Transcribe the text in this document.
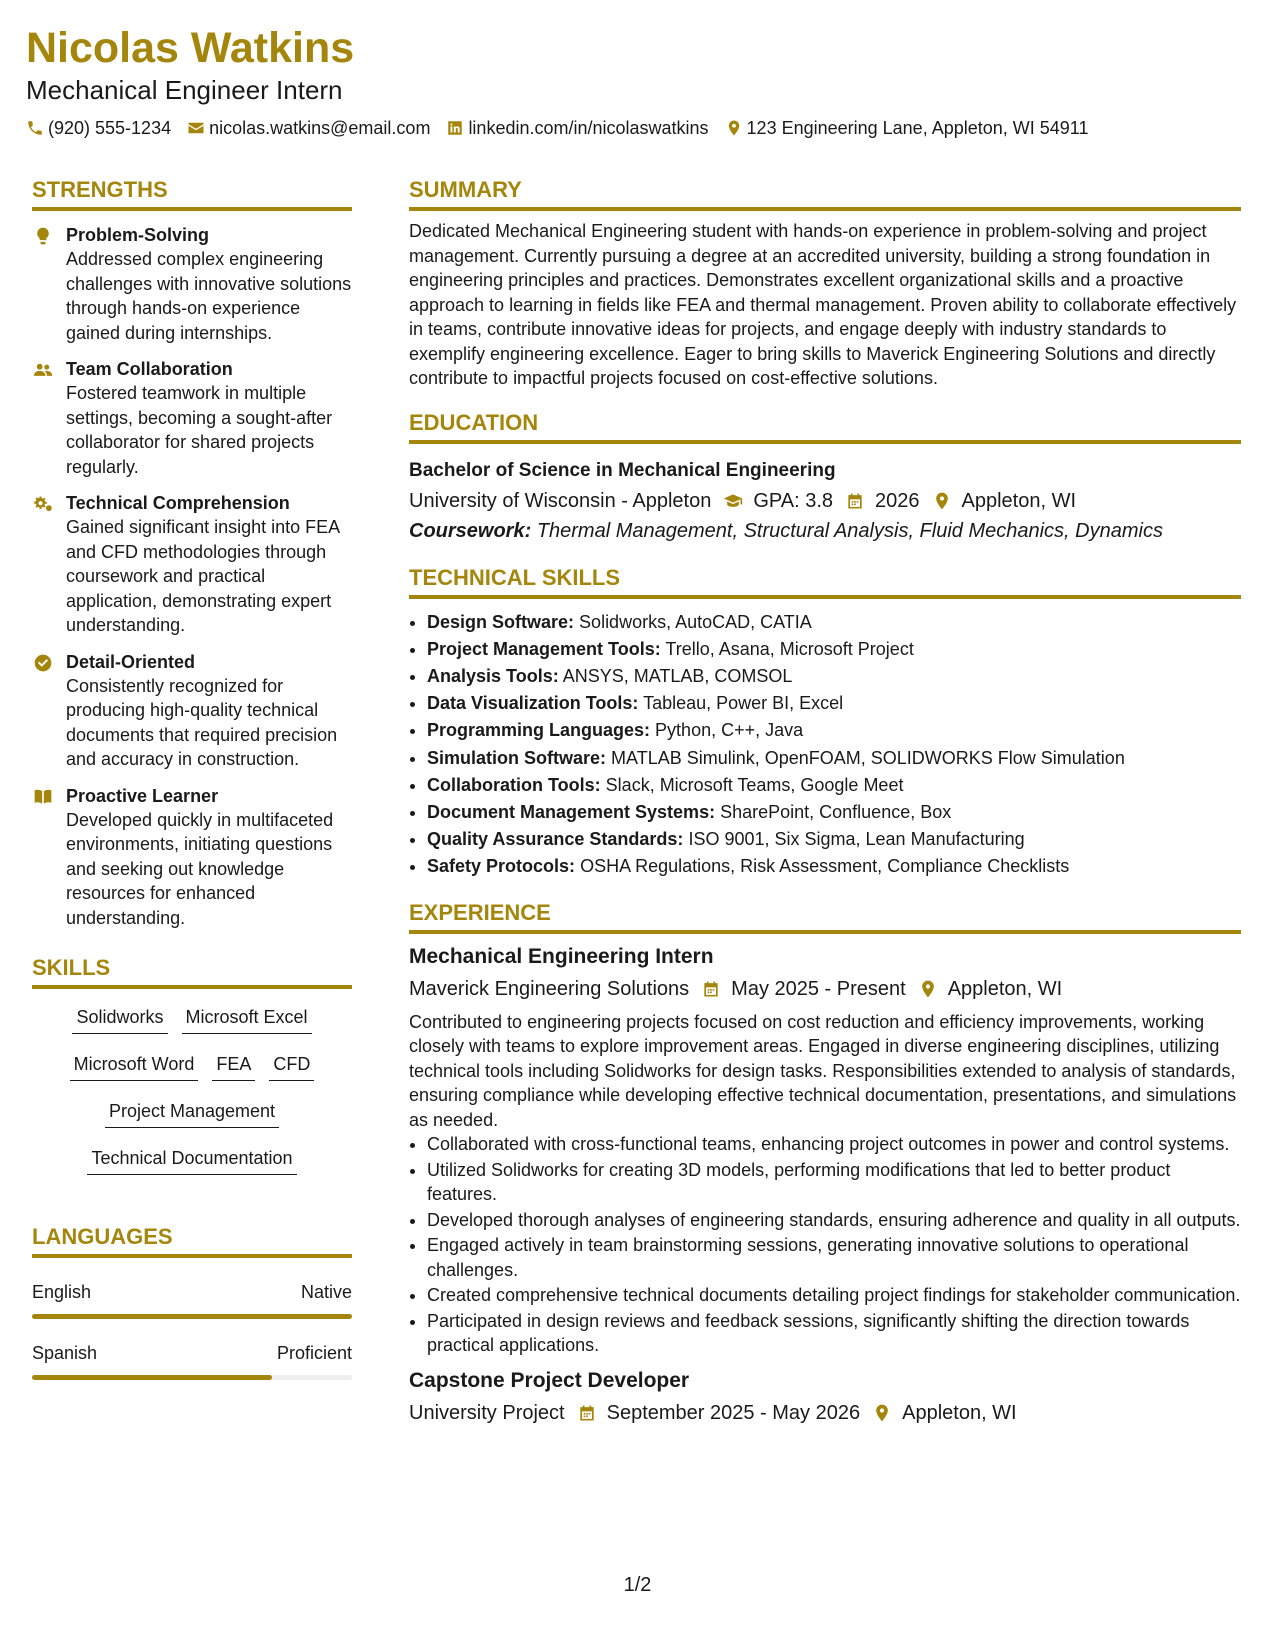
Nicolas Watkins
Mechanical Engineer Intern
(920) 555-1234 nicolas.watkins@email.com linkedin.com/in/nicolaswatkins 123 Engineering Lane, Appleton, WI 54911
STRENGTHS
Problem-Solving
Addressed complex engineering challenges with innovative solutions through hands-on experience gained during internships.
Team Collaboration
Fostered teamwork in multiple settings, becoming a sought-after collaborator for shared projects regularly.
Technical Comprehension
Gained significant insight into FEA and CFD methodologies through coursework and practical application, demonstrating expert understanding.
Detail-Oriented
Consistently recognized for producing high-quality technical documents that required precision and accuracy in construction.
Proactive Learner
Developed quickly in multifaceted environments, initiating questions and seeking out knowledge resources for enhanced understanding.
SKILLS
Solidworks Microsoft Excel
Microsoft Word FEA CFD
Project Management
Technical Documentation
LANGUAGES
English	Native
Spanish	Proficient
SUMMARY

Dedicated Mechanical Engineering student with hands-on experience in problem-solving and project management. Currently pursuing a degree at an accredited university, building a strong foundation in engineering principles and practices. Demonstrates excellent organizational skills and a proactive approach to learning in fields like FEA and thermal management. Proven ability to collaborate effectively in teams, contribute innovative ideas for projects, and engage deeply with industry standards to exemplify engineering excellence. Eager to bring skills to Maverick Engineering Solutions and directly contribute to impactful projects focused on cost-effective solutions.

EDUCATION
Bachelor of Science in Mechanical Engineering
University of Wisconsin - Appleton GPA: 3.8 2026 Appleton, WI
Coursework: Thermal Management, Structural Analysis, Fluid Mechanics, Dynamics
TECHNICAL SKILLS
• Design Software: Solidworks, AutoCAD, CATIA
• Project Management Tools: Trello, Asana, Microsoft Project
• Analysis Tools: ANSYS, MATLAB, COMSOL
• Data Visualization Tools: Tableau, Power BI, Excel
• Programming Languages: Python, C++, Java
• Simulation Software: MATLAB Simulink, OpenFOAM, SOLIDWORKS Flow Simulation
• Collaboration Tools: Slack, Microsoft Teams, Google Meet
• Document Management Systems: SharePoint, Confluence, Box
• Quality Assurance Standards: ISO 9001, Six Sigma, Lean Manufacturing
• Safety Protocols: OSHA Regulations, Risk Assessment, Compliance Checklists
EXPERIENCE
Mechanical Engineering Intern
Maverick Engineering Solutions May 2025 - Present Appleton, WI

Contributed to engineering projects focused on cost reduction and efficiency improvements, working closely with teams to explore improvement areas. Engaged in diverse engineering disciplines, utilizing technical tools including Solidworks for design tasks. Responsibilities extended to analysis of standards, ensuring compliance while developing effective technical documentation, presentations, and simulations as needed.

• Collaborated with cross-functional teams, enhancing project outcomes in power and control systems.
• Utilized Solidworks for creating 3D models, performing modifications that led to better product features.
• Developed thorough analyses of engineering standards, ensuring adherence and quality in all outputs.
• Engaged actively in team brainstorming sessions, generating innovative solutions to operational challenges.
• Created comprehensive technical documents detailing project findings for stakeholder communication.
• Participated in design reviews and feedback sessions, significantly shifting the direction towards practical applications.
Capstone Project Developer
University Project September 2025 - May 2026 Appleton, WI
1/2
